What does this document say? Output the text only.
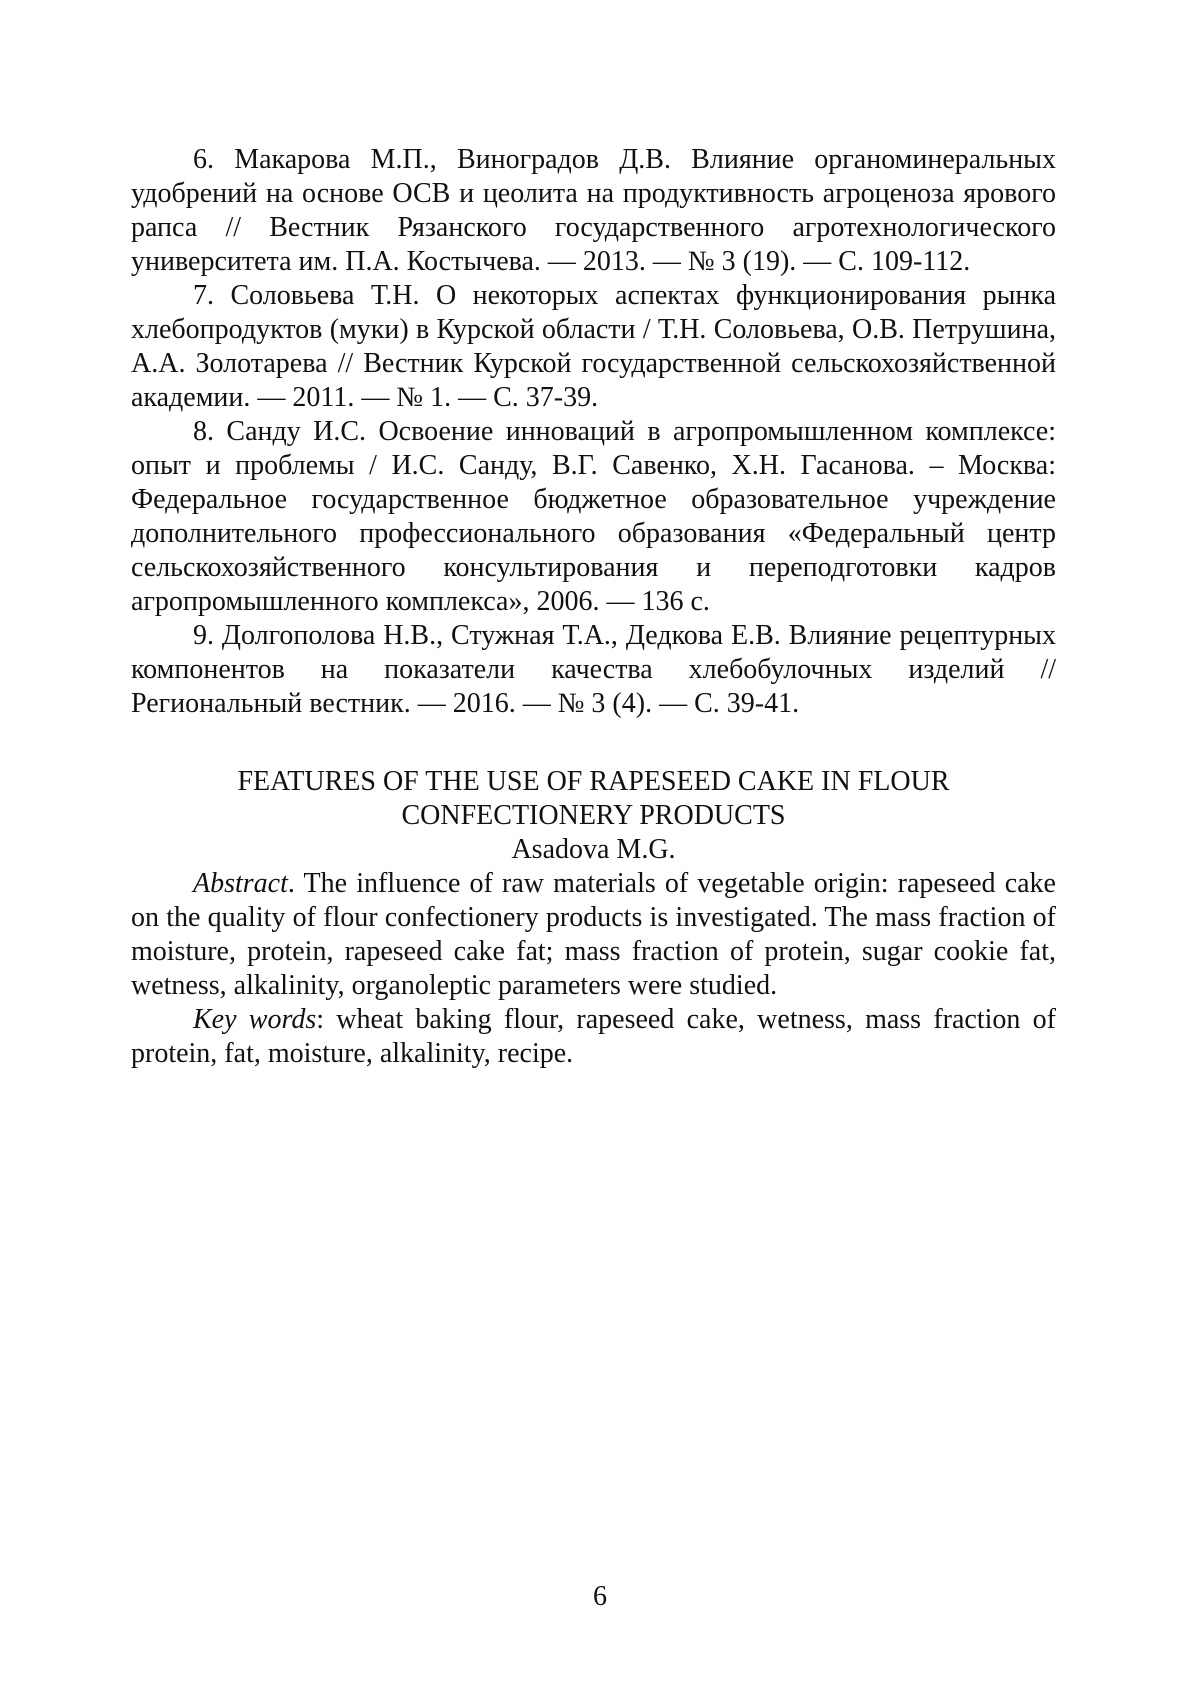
6. Макарова М.П., Виноградов Д.В. Влияние органоминеральных удобрений на основе ОСВ и цеолита на продуктивность агроценоза ярового рапса // Вестник Рязанского государственного агротехнологического университета им. П.А. Костычева. — 2013. — № 3 (19). — С. 109-112.

7. Соловьева Т.Н. О некоторых аспектах функционирования рынка хлебопродуктов (муки) в Курской области / Т.Н. Соловьева, О.В. Петрушина, А.А. Золотарева // Вестник Курской государственной сельскохозяйственной академии. — 2011. — № 1. — С. 37-39.

8. Санду И.С. Освоение инноваций в агропромышленном комплексе: опыт и проблемы / И.С. Санду, В.Г. Савенко, Х.Н. Гасанова. – Москва: Федеральное государственное бюджетное образовательное учреждение дополнительного профессионального образования «Федеральный центр сельскохозяйственного консультирования и переподготовки кадров агропромышленного комплекса», 2006. — 136 с.

9. Долгополова Н.В., Стужная Т.А., Дедкова Е.В. Влияние рецептурных компонентов на показатели качества хлебобулочных изделий // Региональный вестник. — 2016. — № 3 (4). — С. 39-41.

FEATURES OF THE USE OF RAPESEED CAKE IN FLOUR
CONFECTIONERY PRODUCTS
Asadova M.G.

Abstract. The influence of raw materials of vegetable origin: rapeseed cake on the quality of flour confectionery products is investigated. The mass fraction of moisture, protein, rapeseed cake fat; mass fraction of protein, sugar cookie fat, wetness, alkalinity, organoleptic parameters were studied.

Key words: wheat baking flour, rapeseed cake, wetness, mass fraction of protein, fat, moisture, alkalinity, recipe.

6
